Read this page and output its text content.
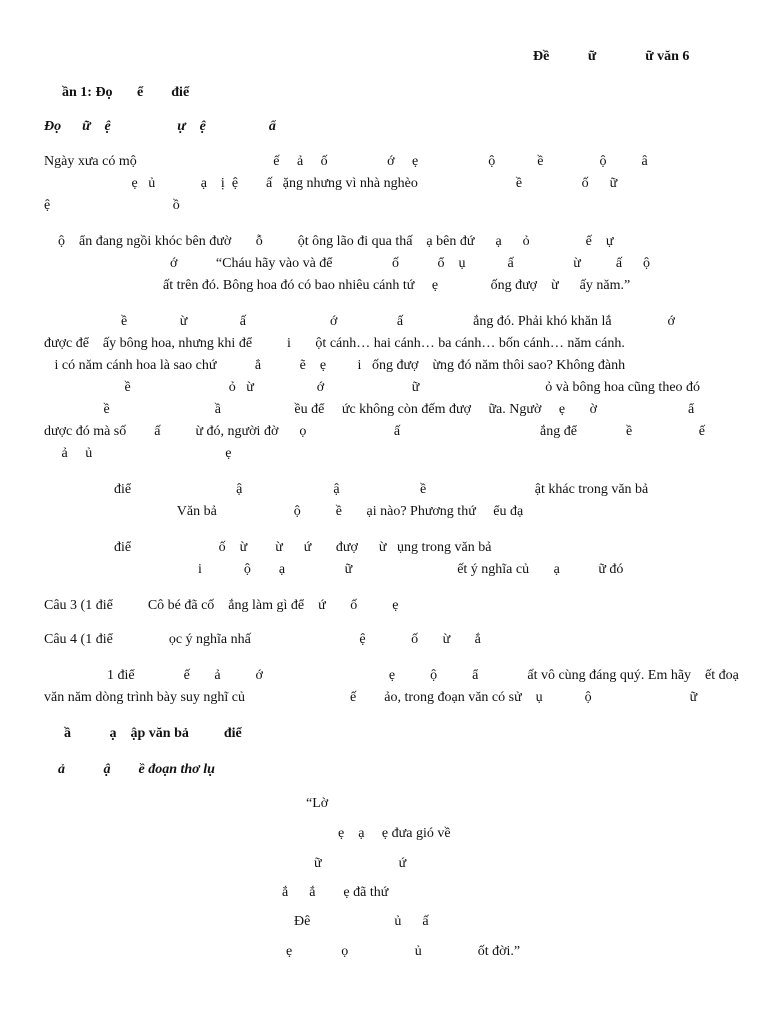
Đề           ữ              ữ văn 6
ần 1: Đọ       ể        điể
Đọ      ữ    ệ                   ự    ệ                  ẩ
Ngày xưa có mộ                                       ế     ả     ố                 ớ     ẹ                    ộ            ề                ộ          â
ẹ   ủ             ạ    ị  ệ        ấ   ặng nhưng vì nhà nghèo                            ề                 ố      ữ
ệ                                   ồ
ộ    ẩn đang ngồi khóc bên đườ       ỗ          ột ông lão đi qua thấ    ạ bên đứ      ạ      ỏ                ế    ự
ớ           “Cháu hãy vào và để                 ố           ổ    ụ            ấ                 ừ          ấ      ộ
ất trên đó. Bông hoa đó có bao nhiêu cánh tứ     ẹ               ống đượ    ừ      ấy năm.”
ề               ừ               ấ                        ớ                 ấ                    ắng đó. Phải khó khăn lắ                ớ
được để    ấy bông hoa, nhưng khi để          i       ột cánh… hai cánh… ba cánh… bốn cánh… năm cánh.
i có năm cánh hoa là sao chứ           ẳ           ẽ    ẹ         i   ống đượ    ừng đó năm thôi sao? Không đành
ề                            ỏ   ừ                  ớ                         ữ                                    ỏ và bông hoa cũng theo đó
ề                              ầ                     ều để     ức không còn đếm đượ     ữa. Ngườ     ẹ       ờ                          ẩ
dược đó mà số        ấ          ừ đó, người đờ      ọ                         ấ                                        ắng để              ề                   ế
ả     ủ                                      ẹ
điể                              ậ                          ậ                       ề                               ật khác trong văn bả
Văn bả                      ộ          ề       ại nào? Phương thứ     ểu đạ
điể                         ố    ừ        ừ      ứ       đượ      ừ   ụng trong văn bả
i            ộ        ạ                 ữ                              ết ý nghĩa củ       ạ           ữ đó
Câu 3 (1 điể          Cô bé đã cố    ắng làm gì để    ứ       ố          ẹ
Câu 4 (1 điể                ọc ý nghĩa nhấ                               ệ             ố       ừ       ắ
1 điể              ế       ả          ớ                                    ẹ          ộ          ẩ              ất vô cùng đáng quý. Em hãy    ết đoạ
văn năm dòng trình bày suy nghĩ củ                              ế        ảo, trong đoạn văn có sử    ụ            ộ                            ữ
ầ           ạ    ập văn bả          điể
ả           ậ        ề đoạn thơ lụ
“Lờ
ẹ    ạ     ẹ đưa gió về
ữ                      ứ
ắ      ắ        ẹ đã thứ
Đê                        ủ      ấ
ẹ              ọ                   ủ                ốt đời.”
